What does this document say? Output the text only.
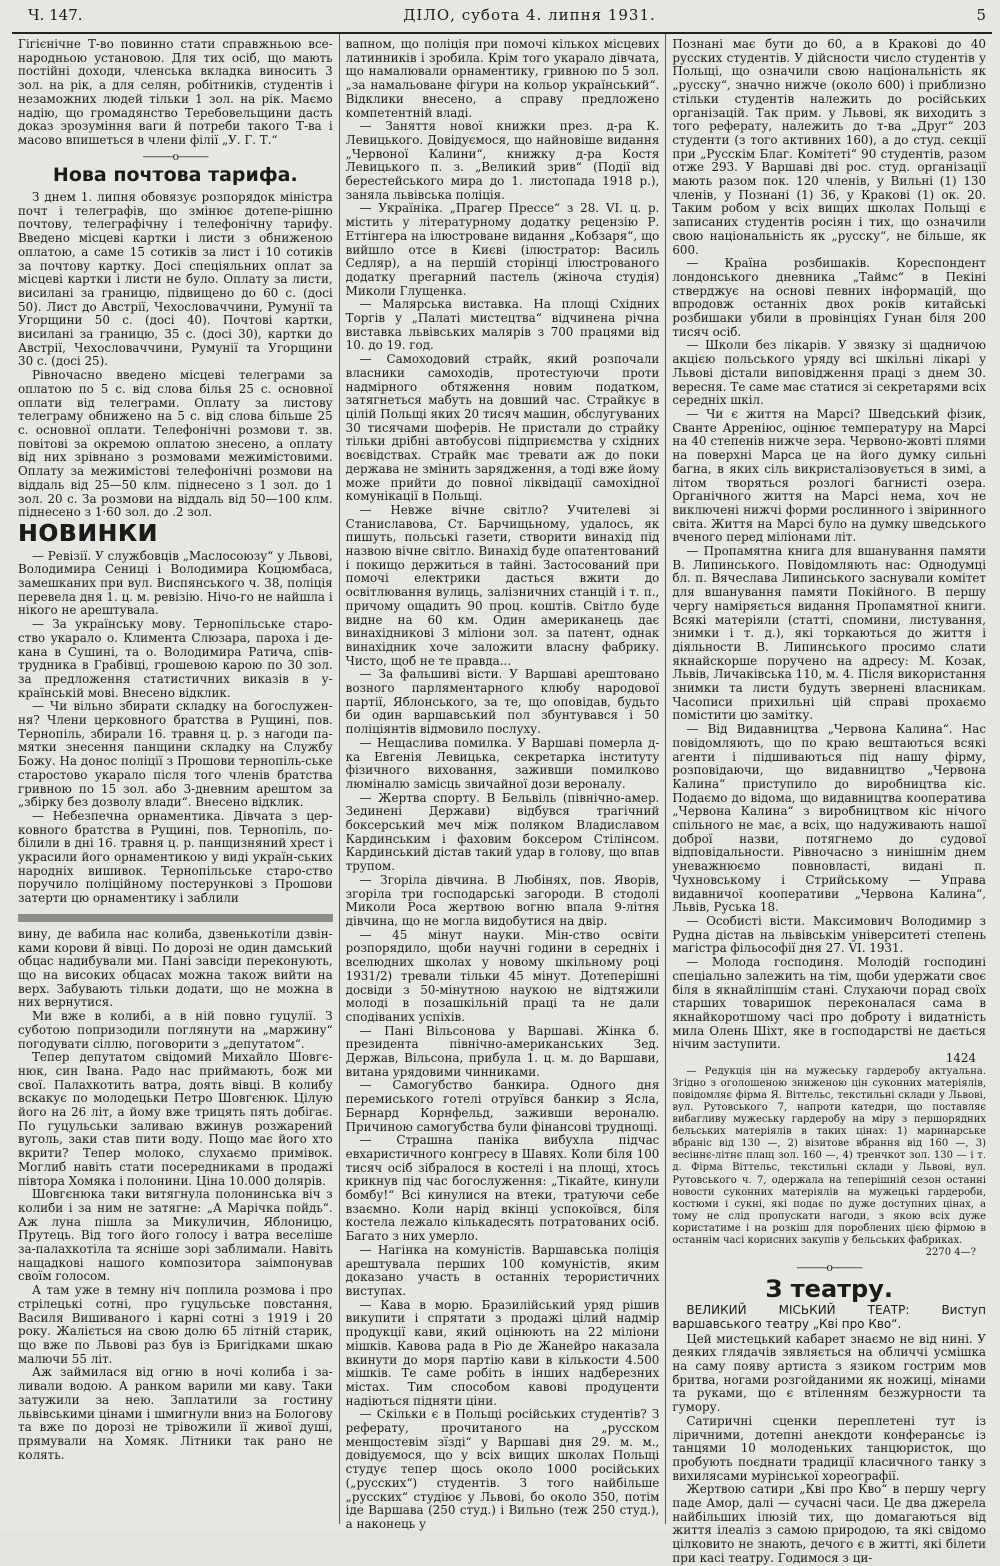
Ч. 147.	ДІЛО, субота 4. липня 1931.	5

Гігієнічне Т-во повинно стати справжньою все-народньою установою. Для тих осіб, що мають постійні доходи, членська вкладка виносить 3 зол. на рік, а для селян, робітників, студентів і незаможних людей тільки 1 зол. на рік. Маємо надію, що громадянство Теребовельщини дасть доказ зрозуміння ваги й потреби такого Т-ва і масово впишеться в члени філії „У. Г. Т.“

———o———
Нова почтова тарифа.

З днем 1. липня обовязує розпорядок міністра почт і телеграфів, що змінює дотепе-рішню почтову, телеграфічну і телефонічну тарифу. Введено місцеві картки і листи з обниженою оплатою, а саме 15 сотиків за лист і 10 сотиків за почтову картку. Досі спеціяльних оплат за місцеві картки і листи не було. Оплату за листи, висилані за границю, підвищено до 60 с. (досі 50). Лист до Австрії, Чехословаччини, Румунії та Угорщини 50 с. (досі 40). Почтові картки, висилані за границю, 35 с. (досі 30), картки до Австрії, Чехословаччини, Румунії та Угорщини 30 с. (досі 25).

Рівночасно введено місцеві телеграми за оплатою по 5 с. від слова білья 25 с. основної оплати від телеграми. Оплату за листову телеграму обнижено на 5 с. від слова більше 25 с. основної оплати. Телефонічні розмови т. зв. повітові за окремою оплатою знесено, а оплату від них зрівнано з розмовами межимістовими. Оплату за межимістові телефонічні розмови на віддаль від 25—50 клм. піднесено з 1 зол. до 1 зол. 20 с. За розмови на віддаль від 50—100 клм. піднесено з 1·60 зол. до .2 зол.

НОВИНКИ

— Ревізії. У службовців „Маслосоюзу“ у Львові, Володимира Сениці і Володимира Коцюмбаса, замешканих при вул. Виспянського ч. 38, поліція перевела дня 1. ц. м. ревізію. Нічо-го не найшла і нікого не арештувала.

— За українську мову. Тернопільське старо-ство укарало о. Климента Слюзара, пароха і де-кана в Сушині, та о. Володимира Ратича, спів-трудника в Грабівці, грошевою карою по 30 зол. за предложення статистичних виказів в у-країнській мові. Внесено відклик.

— Чи вільно збирати складку на богослужен-ня? Члени церковного братства в Рущині, пов. Тернопіль, збирали 16. травня ц. р. з нагоди па-мятки знесення панщини складку на Службу Божу. На донос поліції з Прошови тернопіль-ське старостово укарало після того членів братства гривною по 15 зол. або 3-дневним арештом за „збірку без дозволу влади“. Внесено відклик.

— Небезпечна орнаментика. Дівчата з цер-ковного братства в Рущині, пов. Тернопіль, по-білили в дні 16. травня ц. р. панщизняний хрест і украсили його орнаментикою у виді україн-ських народніх вишивок. Тернопільське старо-ство поручило поліційному постерункові з Прошови затерти цю орнаментику і заблили

вину, де вабила нас колиба, дзвенькотіли дзвін-ками корови й вівці. По дорозі не один дамський обцас надибували ми. Пані завсіди переконують, що на високих обцасах можна також вийти на верх. Забувають тільки додати, що не можна в них вернутися.

Ми вже в колибі, а в ній повно гуцулії. З суботою попризодили поглянути на „маржину“ погодувати сіллю, поговорити з „депутатом“.

Тепер депутатом свідомий Михайло Шовгє-нюк, син Івана. Радо нас приймають, бож ми свої. Палахкотить ватра, доять вівці. В колибу вскакує по молодецьки Петро Шовгєнюк. Цілую його на 26 літ, а йому вже трицять пять добігає. По гуцульськи заливаю вжинув розжарений вуголь, заки став пити воду. Пощо має його хто вкрити? Тепер молоко, слухаємо примівок. Моглиб навіть стати посередниками в продажі півтора Хомяка і полонини. Ціна 10.000 долярів.

Шовгєнюка таки витягнула полонинська віч з колиби і за ним не затягне: „А Марічка пойдь“. Аж луна пішла за Микуличин, Яблоницю, Прутець. Від того його голосу і ватра веселіше за-палахкотіла та ясніше зорі заблимали. Навіть нащадкові нашого композитора заімпонував своїм голосом.

А там уже в темну ніч поплила розмова і про стрілецькі сотні, про гуцульське повстання, Василя Вишиваного і карні сотні з 1919 і 20 року. Жаліється на свою долю 65 літній старик, що вже по Львові раз був із Бригідками шкаю малючи 55 літ.

Аж займилася від огню в ночі колиба і за-ливали водою. А ранком варили ми каву. Таки затужили за нею. Заплатили за гостину львівськими цінами і шмигнули вниз на Бологову та вже по дорозі не трівожили її живої душі, прямували на Хомяк. Літники так рано не колять.

вапном, що поліція при помочі кількох місцевих латинників і зробила. Крім того укарало дівчата, що намалювали орнаментику, гривною по 5 зол. „за намальоване фігури на кольор український“. Відклики внесено, а справу предложено компетентній владі.

— Заняття нової книжки през. д-ра К. Левицького. Довідуємося, що найновіше видання „Червоної Калини“, книжку д-ра Костя Левицького п. з. „Великий зрив“ (Події від берестейського мира до 1. листопада 1918 р.), заняла львівська поліція.

— Україніка. „Прагер Прессе“ з 28. VI. ц. р. містить у літературному додатку рецензію Р. Еттінгера на ілюстроване видання „Кобзаря“, що вийшло отсе в Києві (ілюстратор: Василь Седляр), а на першій сторінці ілюстрованого додатку прегарний пастель (жіноча студія) Миколи Глущенка.

— Малярська виставка. На площі Східних Торгів у „Палаті мистецтва“ відчинена річна виставка львівських малярів з 700 працями від 10. до 19. год.

— Самоходовий страйк, який розпочали власники самоходів, протестуючи проти надмірного обтяження новим податком, затягнеться мабуть на довший час. Страйкує в цілій Польщі яких 20 тисяч машин, обслугуваних 30 тисячами шоферів. Не пристали до страйку тільки дрібні автобусові підприємства у східних воєвідствах. Страйк має тревати аж до поки держава не змінить зарядження, а тоді вже йому може прийти до повної ліквідації самохідної комунікації в Польщі.

— Невже вічне світло? Учителеві зі Станиславова, Ст. Барчищьному, удалось, як пишуть, польські газети, створити винахід під назвою вічне світло. Винахід буде опатентований і покищо держиться в тайні. Застосований при помочі електрики дасться вжити до освітлювання вулиць, залізничних станцій і т. п., причому ощадить 90 проц. коштів. Світло буде видне на 60 км. Один американець дає винахідникові 3 міліони зол. за патент, однак винахідник хоче заложити власну фабрику. Чисто, щоб не те правда...

— За фальшиві вісти. У Варшаві арештовано возного парляментарного клюбу народової партії, Яблонського, за те, що оповідав, будьто би один варшавський пол збунтувався і 50 поліціянтів відмовило послуху.

— Нещаслива помилка. У Варшаві померла д-ка Евгенія Левицька, секретарка інституту фізичного виховання, заживши помилково люміналю замісць звичайної дози вероналу.

— Жертва спорту. В Бельвіль (північно-амер. Зединені Держави) відбувся трагічний боксерський меч між поляком Владиславом Кардинським і фаховим боксером Стілінсом. Кардинський дістав такий удар в голову, що впав трупом.

— Згоріла дівчина. В Любінях, пов. Яворів, згоріла три господарські загороди. В стодолі Миколи Роса жертвою вогню впала 9-літня дівчина, що не могла видобутися на двір.

— 45 мінут науки. Мін-ство освіти розпорядило, щоби научні години в середніх і вселюдних школах у новому шкільному році 1931/2) тревали тільки 45 мінут. Дотеперішні досвіди з 50-мінутною наукою не відтяжили молоді в позашкільній праці та не дали сподіваних успіхів.

— Пані Вільсонова у Варшаві. Жінка б. президента північно-американських Зед. Держав, Вільсона, прибула 1. ц. м. до Варшави, витана урядовими чинниками.

— Самогубство банкира. Одного дня перемиського готелі отруївся банкир з Ясла, Бернард Корнфельд, заживши вероналю. Причиною самогубства були фінансові труднощі.

— Страшна паніка вибухла підчас евхаристичного конгресу в Шавях. Коли біля 100 тисяч осіб зібралося в костелі і на площі, хтось крикнув під час богослуження: „Тікайте, кинули бомбу!“ Всі кинулися на втеки, тратуючи себе взаємно. Коли нарід вкінці успокоївся, біля костела лежало кількадесять потратованих осіб. Багато з них умерло.

— Нагінка на комуністів. Варшавська поліція арештувала перших 100 комуністів, яким доказано участь в останніх терористичних виступах.

— Кава в морю. Бразилійський уряд рішив викупити і спрятати з продажі цілий надмір продукції кави, який оцінюють на 22 міліони мішків. Кавова рада в Ріо де Жанейро наказала вкинути до моря партію кави в кількости 4.500 мішків. Те саме робіть в інших надберезних містах. Тим способом кавові продуценти надіються підняти ціни.

— Скільки є в Польщі російських студентів? З реферату, прочитаного на „русском менщостевім зїзді“ у Варшаві дня 29. м. м., довідуємося, що у всіх вищих школах Польщі студує тепер щось около 1000 російських („русских“) студентів. З того найбільше „русских“ студіює у Львові, бо около 350, потім іде Варшава (250 студ.) і Вильно (теж 250 студ.), а наконець у

Познані має бути до 60, а в Кракові до 40 русских студентів. У дійсности число студентів у Польщі, що означили свою національність як „русску“, значно нижче (около 600) і приблизно стільки студентів належить до російських організацій. Так прим. у Львові, як виходить з того реферату, належить до т-ва „Друг“ 203 студенти (з того активних 160), а до студ. секції при „Русскім Благ. Комітеті“ 90 студентів, разом отже 293. У Варшаві дві рос. студ. організації мають разом пок. 120 членів, у Вильні (1) 130 членів, у Познані (1) 36, у Кракові (1) ок. 20. Таким робом у всіх вищих школах Польщі є записаних студентів росіян і тих, що означили свою національність як „русску“, не більше, як 600.

— Країна розбишаків. Кореспондент лондонського дневника „Таймс“ в Пекіні стверджує на основі певних інформацій, що впродовж останніх двох років китайські розбишаки убили в провінціях Гунан біля 200 тисяч осіб.

— Школи без лікарів. У звязку зі щадничою акцією польського уряду всі шкільні лікарі у Львові дістали виповідження праці з днем 30. вересня. Те саме має статися зі секретарями всіх середніх шкіл.

— Чи є життя на Марсі? Шведський фізик, Сванте Арреніюс, оцінює температуру на Марсі на 40 степенів нижче зера. Червоно-жовті плями на поверхні Марса це на його думку сильні багна, в яких сіль викристалізовується в зимі, а літом творяться розлогі багнисті озера. Органічного життя на Марсі нема, хоч не виключені нижчі форми рослинного і звіринного світа. Життя на Марсі було на думку шведського вченого перед міліонами літ.

— Пропамятна книга для вшанування памяти В. Липинського. Повідомляють нас: Однодумці бл. п. Вячеслава Липинського заснували комітет для вшанування памяти Покійного. В першу чергу наміряється видання Пропамятної книги. Всякі матеріяли (статті, спомини, листування, знимки і т. д.), які торкаються до життя і діяльности В. Липинського просимо слати якнайскорше поручено на адресу: М. Козак, Львів, Личаківська 110, м. 4. Після використання знимки та листи будуть звернені власникам. Часописи прихильні цій справі прохаємо помістити цю замітку.

— Від Видавництва „Червона Калина“. Нас повідомляють, що по краю вештаються всякі агенти і підшиваються під нашу фірму, розповідаючи, що видавництво „Червона Калина“ приступило до виробництва кіс. Подаємо до відома, що видавництва кооператива „Червона Калина“ з виробництвом кіс нічого спільного не має, а всіх, що надуживають нашої доброї назви, потягнемо до судової відповідальности. Рівночасно з нинішнім днем уневажнюємо повновласті, видані п. Чухновському і Стрийському — Управа видавничої кооперативи „Червона Калина“, Львів, Руська 18.

— Особисті вісти. Максимович Володимир з Рудна дістав на львівськім університеті степень магістра фільософії дня 27. VI. 1931.

— Молода господиня. Молодій господині спеціально залежить на тім, щоби удержати своє біля в якнайліпшім стані. Слухаючи порад своїх старших товаришок переконалася сама в якнайкоротшому часі про доброту і видатність мила Олень Шіхт, яке в господарстві не дається нічим заступити.

1424

— Редукція цін на мужеську гардеробу актуальна. Згідно з оголошеною зниженою цін суконних матеріялів, повідомляє фірма Я. Віттельс, текстильні склади у Львові, вул. Рутовського 7, напроти катедри, що поставляє вибагливу мужеську гардеробу на міру з першорядних бельських матеріялів в таких цінах: 1) маринарське вбраніс від 130 —, 2) візитове вбрання від 160 —, 3) весіннє-літнє плащ зол. 160 —, 4) тренчкот зол. 130 — і т. д. Фірма Віттельс, текстильні склади у Львові, вул. Рутовського ч. 7, одержала на теперішній сезон останні новости суконних матеріялів на мужецькі гардероби, костюми і сукні, які подає по дуже доступних цінах, а тому не слід пропускати нагоди, з якою всіх дуже користатиме і на розкіш для пороблених цією фірмою в останнім часі корисних закупів у бельських фабриках.

2270 4—?
———o———
З театру.

ВЕЛИКИЙ МІСЬКИЙ ТЕАТР: Виступ варшавського театру „Кві про Кво“.

Цей мистецький кабарет знаємо не від нині. У деяких глядачів зявляється на обличчі усмішка на саму появу артиста з язиком гострим мов бритва, ногами розгойданими як ножиці, мінами та руками, що є втіленням безжурности та гумору.

Сатиричні сценки переплетені тут із ліричними, дотепні анекдоти конферансьє із танцями 10 молоденьких танцюристок, що пробують поєднати традиції класичного танку з вихилясами мурінської хореографії.

Жертвою сатири „Кві про Кво“ в першу чергу паде Амор, далі — сучасні часи. Це два джерела найбільших ілюзій тих, що домагаються від життя ілеаліз з самою природою, та які свідомо цілковито не знають, дечого є в житті, які білети при касі театру. Годимося з ци-
